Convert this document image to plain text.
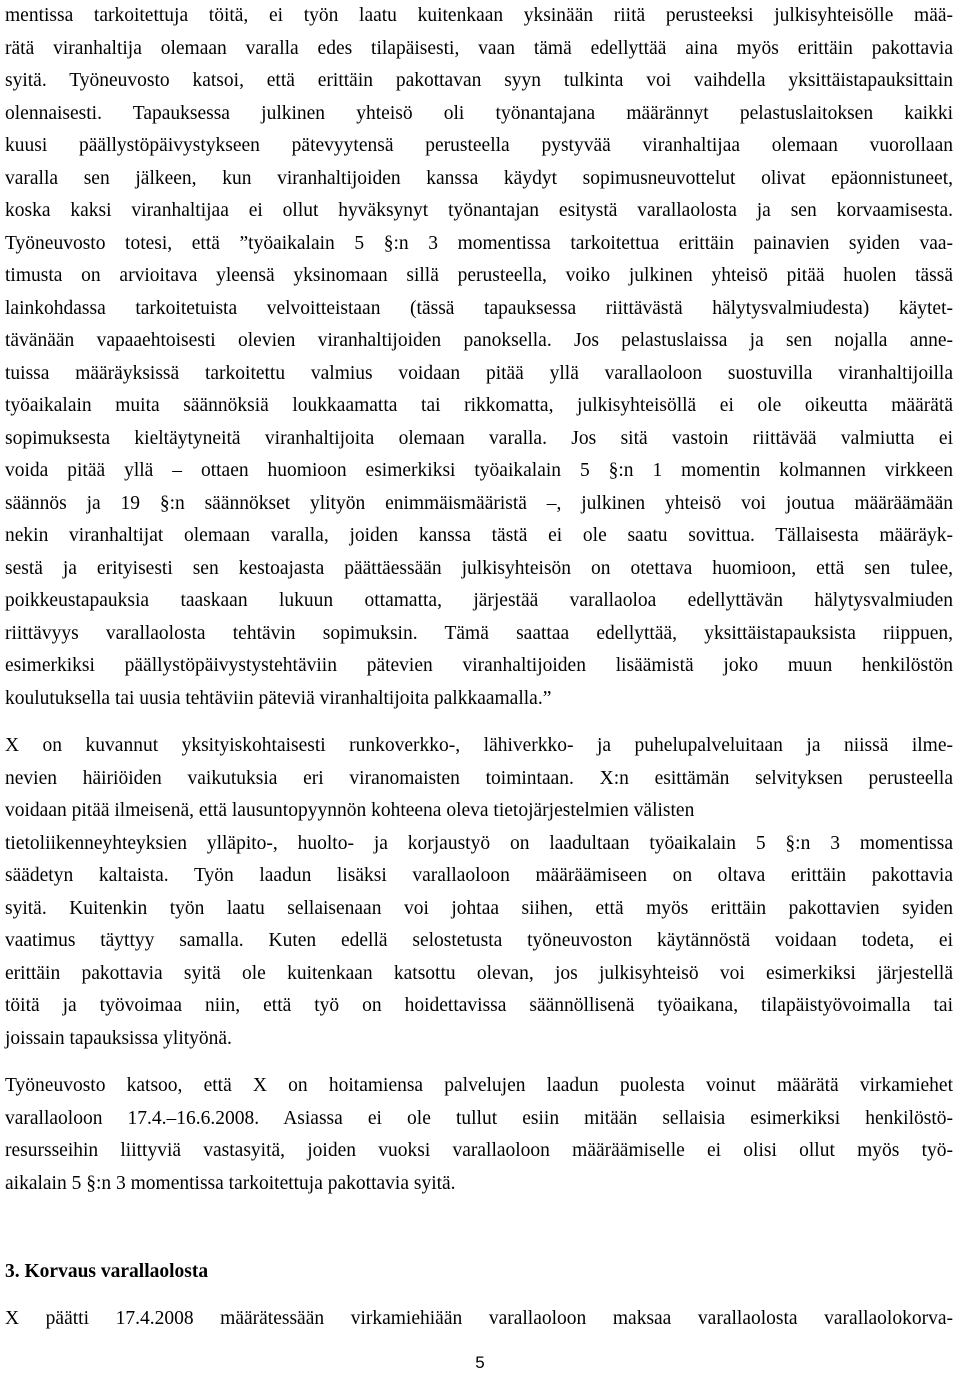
mentissa tarkoitettuja töitä, ei työn laatu kuitenkaan yksinään riitä perusteeksi julkisyhteisölle mää-
rätä viranhaltija olemaan varalla edes tilapäisesti, vaan tämä edellyttää aina myös erittäin pakottavia
syitä. Työneuvosto katsoi, että erittäin pakottavan syyn tulkinta voi vaihdella yksittäistapauksittain
olennaisesti. Tapauksessa julkinen yhteisö oli työnantajana määrännyt pelastuslaitoksen kaikki
kuusi päällystöpäivystykseen pätevyytensä perusteella pystyvää viranhaltijaa olemaan vuorollaan
varalla sen jälkeen, kun viranhaltijoiden kanssa käydyt sopimusneuvottelut olivat epäonnistuneet,
koska kaksi viranhaltijaa ei ollut hyväksynyt työnantajan esitystä varallaolosta ja sen korvaamisesta.
Työneuvosto totesi, että ”työaikalain 5 §:n 3 momentissa tarkoitettua erittäin painavien syiden vaa-
timusta on arvioitava yleensä yksinomaan sillä perusteella, voiko julkinen yhteisö pitää huolen tässä
lainkohdassa tarkoitetuista velvoitteistaan (tässä tapauksessa riittävästä hälytysvalmiudesta) käytet-
tävänään vapaaehtoisesti olevien viranhaltijoiden panoksella. Jos pelastuslaissa ja sen nojalla anne-
tuissa määräyksissä tarkoitettu valmius voidaan pitää yllä varallaoloon suostuvilla viranhaltijoilla
työaikalain muita säännöksiä loukkaamatta tai rikkomatta, julkisyhteisöllä ei ole oikeutta määrätä
sopimuksesta kieltäytyneitä viranhaltijoita olemaan varalla. Jos sitä vastoin riittävää valmiutta ei
voida pitää yllä – ottaen huomioon esimerkiksi työaikalain 5 §:n 1 momentin kolmannen virkkeen
säännös ja 19 §:n säännökset ylityön enimmäismääristä –, julkinen yhteisö voi joutua määräämään
nekin viranhaltijat olemaan varalla, joiden kanssa tästä ei ole saatu sovittua. Tällaisesta määräyk-
sestä ja erityisesti sen kestoajasta päättäessään julkisyhteisön on otettava huomioon, että sen tulee,
poikkeustapauksia taaskaan lukuun ottamatta, järjestää varallaoloa edellyttävän hälytysvalmiuden
riittävyys varallaolosta tehtävin sopimuksin. Tämä saattaa edellyttää, yksittäistapauksista riippuen,
esimerkiksi päällystöpäivystystehtäviin pätevien viranhaltijoiden lisäämistä joko muun henkilöstön
koulutuksella tai uusia tehtäviin päteviä viranhaltijoita palkkaamalla.”
X on kuvannut yksityiskohtaisesti runkoverkko-, lähiverkko- ja puhelupalveluitaan ja niissä ilme-
nevien häiriöiden vaikutuksia eri viranomaisten toimintaan. X:n esittämän selvityksen perusteella
voidaan pitää ilmeisenä, että lausuntopyynnön kohteena oleva tietojärjestelmien välisten
tietoliikenneyhteyksien ylläpito-, huolto- ja korjaustyö on laadultaan työaikalain 5 §:n 3 momentissa
säädetyn kaltaista. Työn laadun lisäksi varallaoloon määräämiseen on oltava erittäin pakottavia
syitä. Kuitenkin työn laatu sellaisenaan voi johtaa siihen, että myös erittäin pakottavien syiden
vaatimus täyttyy samalla. Kuten edellä selostetusta työneuvoston käytännöstä voidaan todeta, ei
erittäin pakottavia syitä ole kuitenkaan katsottu olevan, jos julkisyhteisö voi esimerkiksi järjestellä
töitä ja työvoimaa niin, että työ on hoidettavissa säännöllisenä työaikana, tilapäistyövoimalla tai
joissain tapauksissa ylityönä.
Työneuvosto katsoo, että X on hoitamiensa palvelujen laadun puolesta voinut määrätä virkamiehet
varallaoloon 17.4.–16.6.2008. Asiassa ei ole tullut esiin mitään sellaisia esimerkiksi henkilöstö-
resursseihin liittyviä vastasyitä, joiden vuoksi varallaoloon määräämiselle ei olisi ollut myös työ-
aikalain 5 §:n 3 momentissa tarkoitettuja pakottavia syitä.
3. Korvaus varallaolosta
X päätti 17.4.2008 määrätessään virkamiehiään varallaoloon maksaa varallaolosta varallaolokorva-
5
